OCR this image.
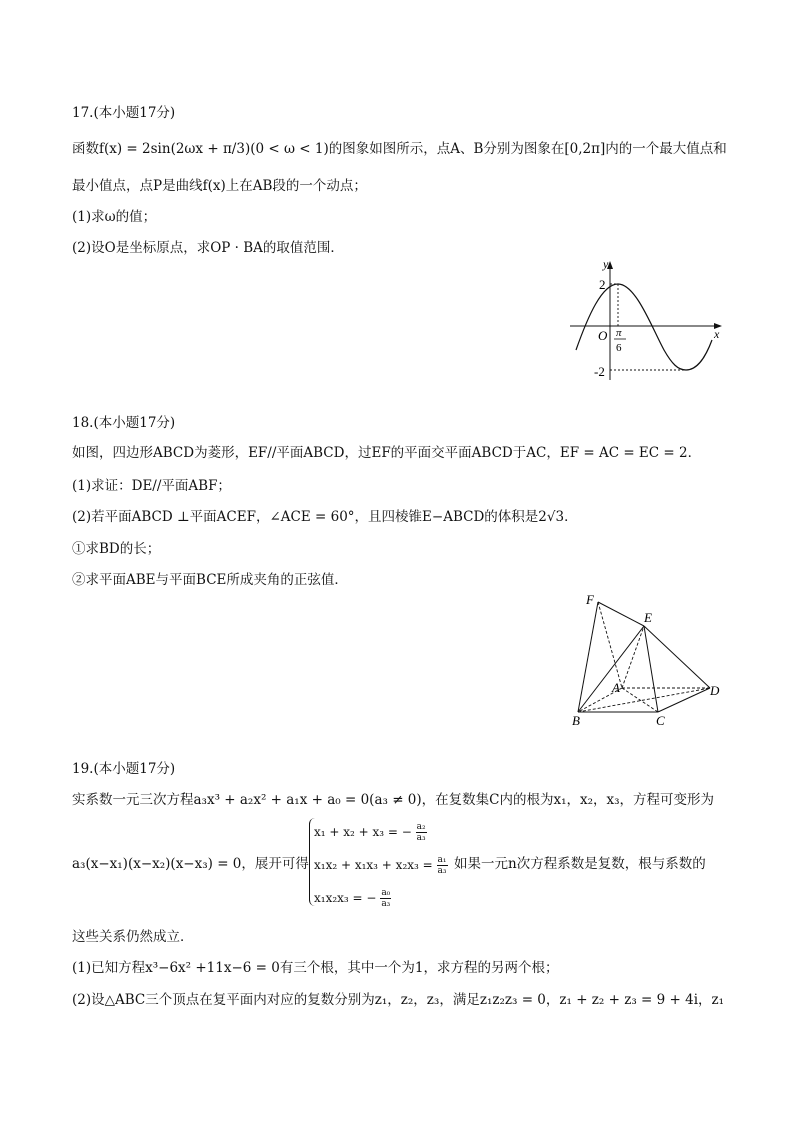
17.(本小题17分)
函数f(x) = 2sin(2ωx + π/3)(0 < ω < 1)的图象如图所示，点A、B分别为图象在[0,2π]内的一个最大值点和
最小值点，点P是曲线f(x)上在AB段的一个动点；
(1)求ω的值；
(2)设O是坐标原点，求OP · BA的取值范围．
y
x
2
-2
O π
6
18.(本小题17分)
如图，四边形ABCD为菱形，EF//平面ABCD，过EF的平面交平面ABCD于AC，EF = AC = EC = 2．
(1)求证：DE//平面ABF；
(2)若平面ABCD ⊥平面ACEF，∠ACE = 60°，且四棱锥E−ABCD的体积是2√3．
①求BD的长；
②求平面ABE与平面BCE所成夹角的正弦值．
F
E
A	D
B	C
19.(本小题17分)
实系数一元三次方程a₃x³ + a₂x² + a₁x + a₀ = 0(a₃ ≠ 0)，在复数集C内的根为x₁，x₂，x₃，方程可变形为
a₃(x−x₁)(x−x₂)(x−x₃) = 0，展开可得
x₁ + x₂ + x₃ = − $\frac{\text{a₂}}{\text{a₃}}$
$x_1x_2 + x_1x_3 + x_2x_3 = \frac{\text{a₁}}{\text{a₃}}$
x₁x₂x₃ = − $\frac{\text{a₀}}{\text{a₃}}$
如果一元n次方程系数是复数，根与系数的
这些关系仍然成立．
(1)已知方程x³−6x² +11x−6 = 0有三个根，其中一个为1，求方程的另两个根；
(2)设△ABC三个顶点在复平面内对应的复数分别为z₁，z₂，z₃，满足z₁z₂z₃ = 0，z₁ + z₂ + z₃ = 9 + 4i，z₁
